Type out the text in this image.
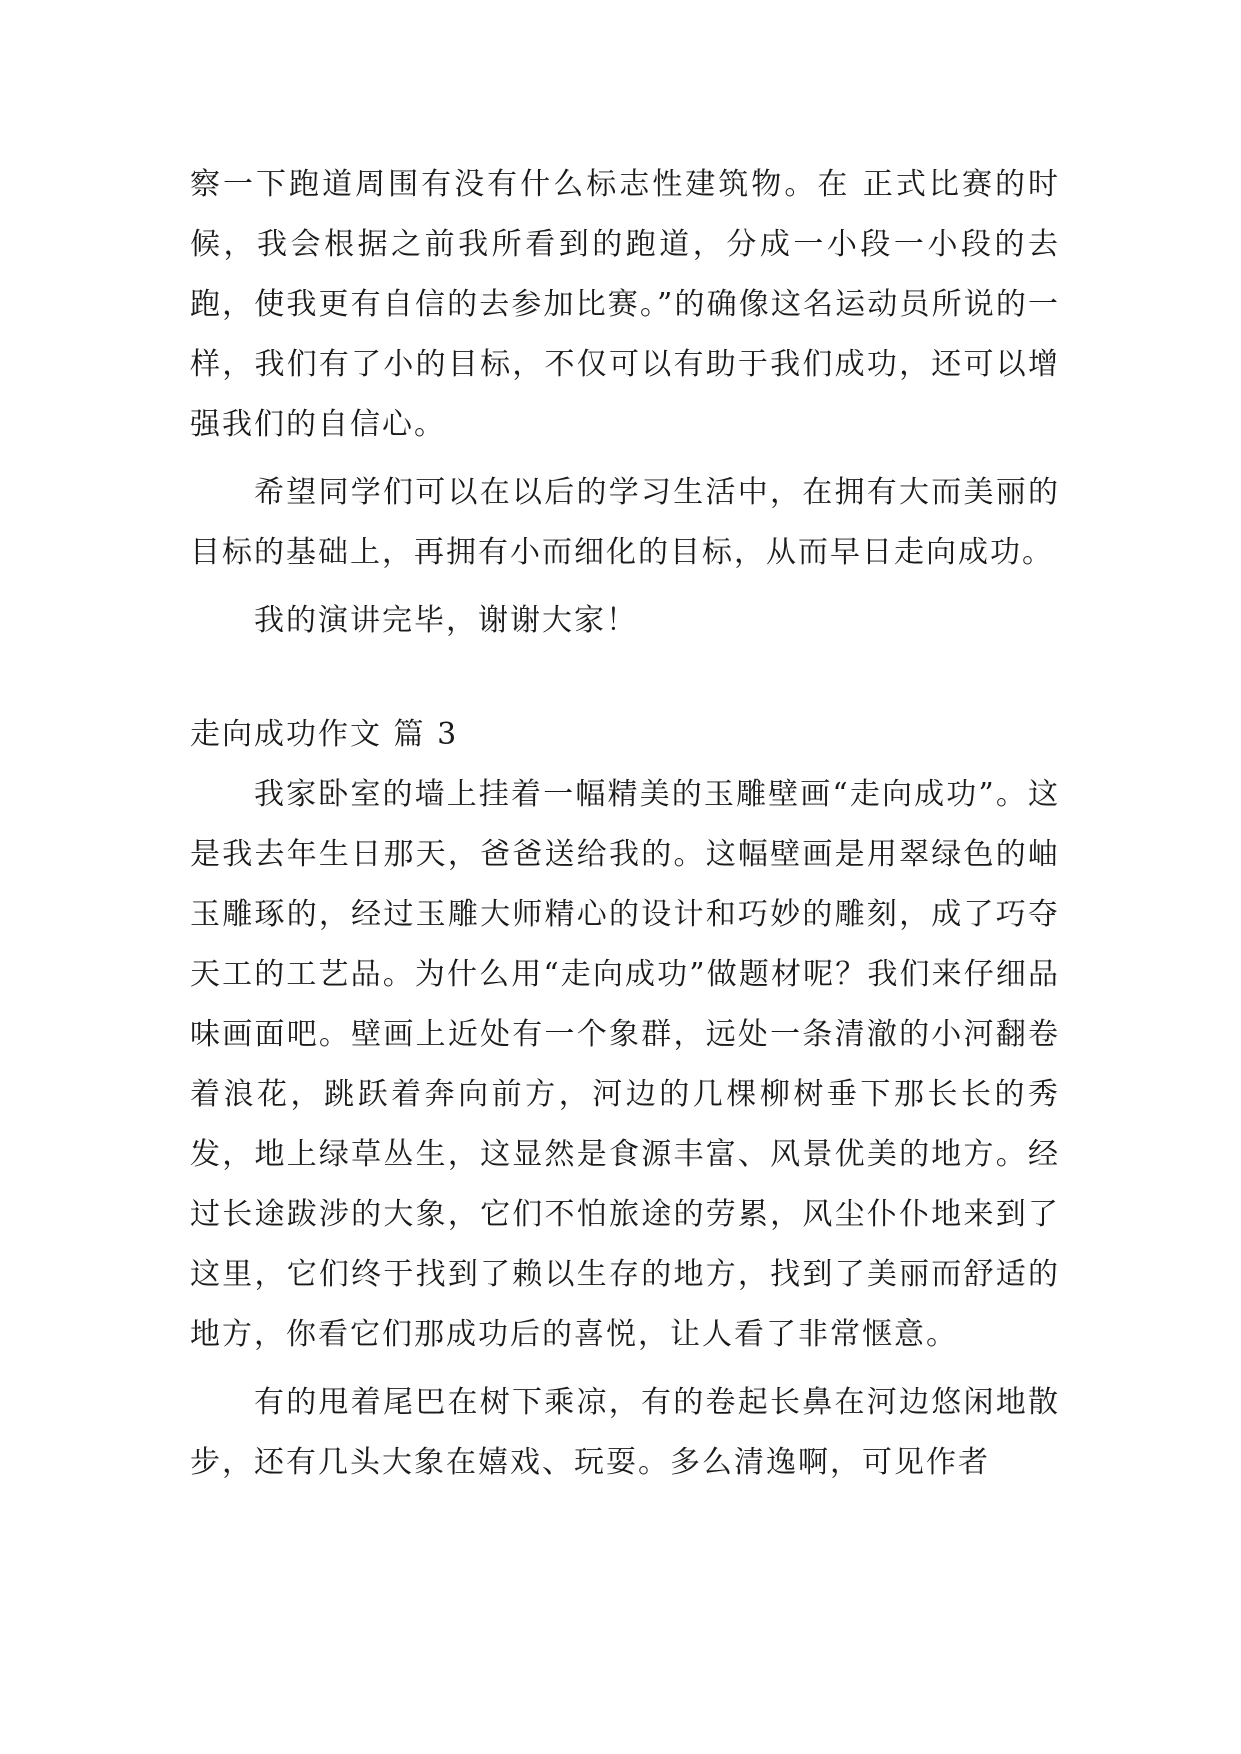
察一下跑道周围有没有什么标志性建筑物。在 正式比赛的时候，我会根据之前我所看到的跑道，分成一小段一小段的去跑，使我更有自信的去参加比赛。”的确像这名运动员所说的一样，我们有了小的目标，不仅可以有助于我们成功，还可以增强我们的自信心。

希望同学们可以在以后的学习生活中，在拥有大而美丽的目标的基础上，再拥有小而细化的目标，从而早日走向成功。

我的演讲完毕，谢谢大家！

走向成功作文 篇 3

我家卧室的墙上挂着一幅精美的玉雕壁画“走向成功”。这是我去年生日那天，爸爸送给我的。这幅壁画是用翠绿色的岫玉雕琢的，经过玉雕大师精心的设计和巧妙的雕刻，成了巧夺天工的工艺品。为什么用“走向成功”做题材呢？我们来仔细品味画面吧。壁画上近处有一个象群，远处一条清澈的小河翻卷着浪花，跳跃着奔向前方，河边的几棵柳树垂下那长长的秀发，地上绿草丛生，这显然是食源丰富、风景优美的地方。经过长途跋涉的大象，它们不怕旅途的劳累，风尘仆仆地来到了这里，它们终于找到了赖以生存的地方，找到了美丽而舒适的地方，你看它们那成功后的喜悦，让人看了非常惬意。

有的甩着尾巴在树下乘凉，有的卷起长鼻在河边悠闲地散步，还有几头大象在嬉戏、玩耍。多么清逸啊，可见作者
